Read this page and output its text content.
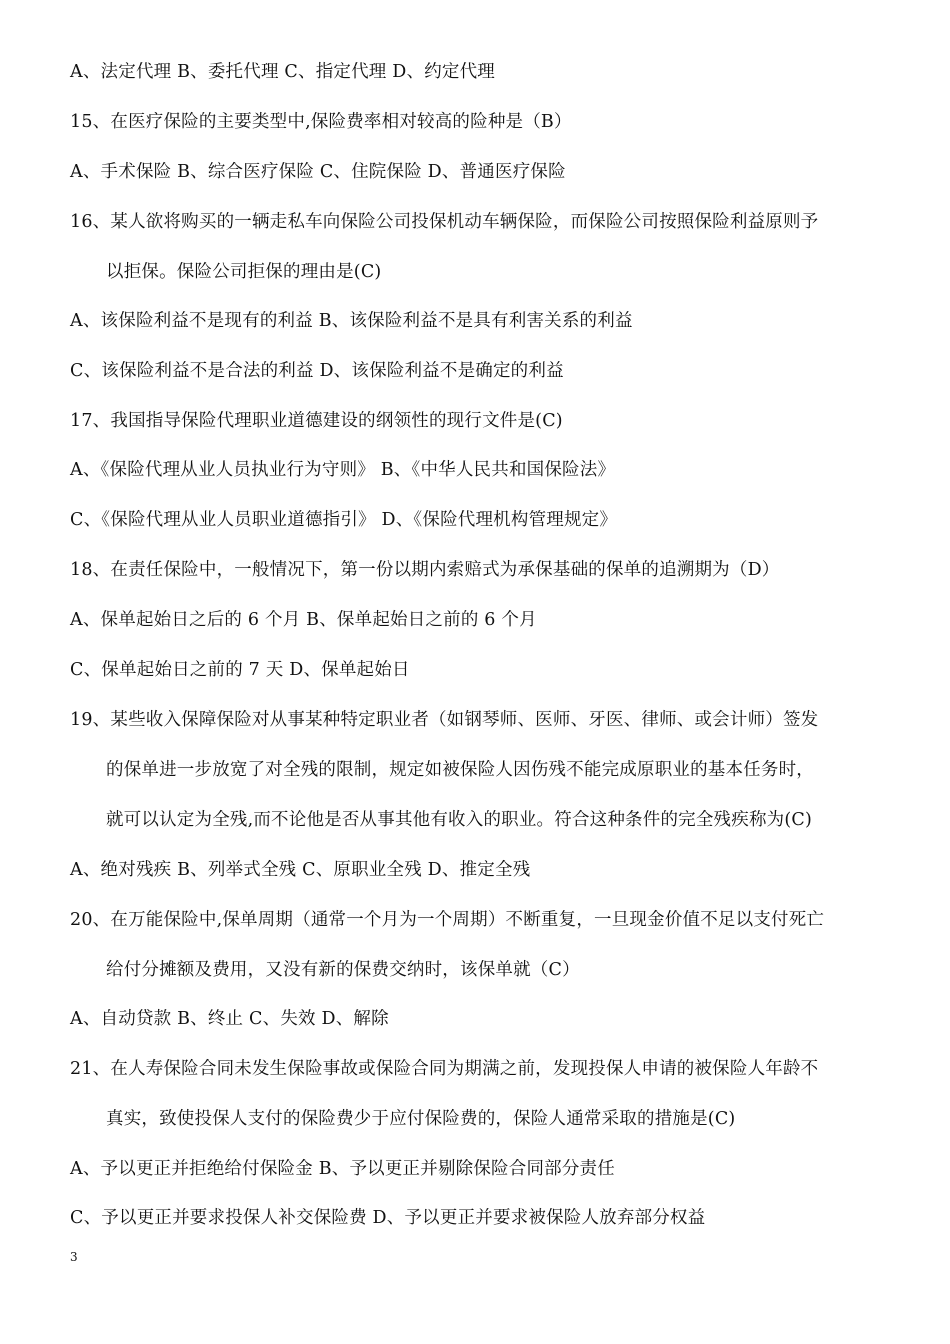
A、法定代理 B、委托代理 C、指定代理 D、约定代理
15、在医疗保险的主要类型中,保险费率相对较高的险种是（B）
A、手术保险 B、综合医疗保险 C、住院保险 D、普通医疗保险
16、某人欲将购买的一辆走私车向保险公司投保机动车辆保险，而保险公司按照保险利益原则予
以拒保。保险公司拒保的理由是(C)
A、该保险利益不是现有的利益 B、该保险利益不是具有利害关系的利益
C、该保险利益不是合法的利益 D、该保险利益不是确定的利益
17、我国指导保险代理职业道德建设的纲领性的现行文件是(C)
A、《保险代理从业人员执业行为守则》 B、《中华人民共和国保险法》
C、《保险代理从业人员职业道德指引》 D、《保险代理机构管理规定》
18、在责任保险中，一般情况下，第一份以期内索赔式为承保基础的保单的追溯期为（D）
A、保单起始日之后的 6 个月 B、保单起始日之前的 6 个月
C、保单起始日之前的 7 天 D、保单起始日
19、某些收入保障保险对从事某种特定职业者（如钢琴师、医师、牙医、律师、或会计师）签发
的保单进一步放宽了对全残的限制，规定如被保险人因伤残不能完成原职业的基本任务时，
就可以认定为全残,而不论他是否从事其他有收入的职业。符合这种条件的完全残疾称为(C)
A、绝对残疾 B、列举式全残 C、原职业全残 D、推定全残
20、在万能保险中,保单周期（通常一个月为一个周期）不断重复，一旦现金价值不足以支付死亡
给付分摊额及费用，又没有新的保费交纳时，该保单就（C）
A、自动贷款 B、终止 C、失效 D、解除
21、在人寿保险合同未发生保险事故或保险合同为期满之前，发现投保人申请的被保险人年龄不
真实，致使投保人支付的保险费少于应付保险费的，保险人通常采取的措施是(C)
A、予以更正并拒绝给付保险金 B、予以更正并剔除保险合同部分责任
C、予以更正并要求投保人补交保险费 D、予以更正并要求被保险人放弃部分权益
3
